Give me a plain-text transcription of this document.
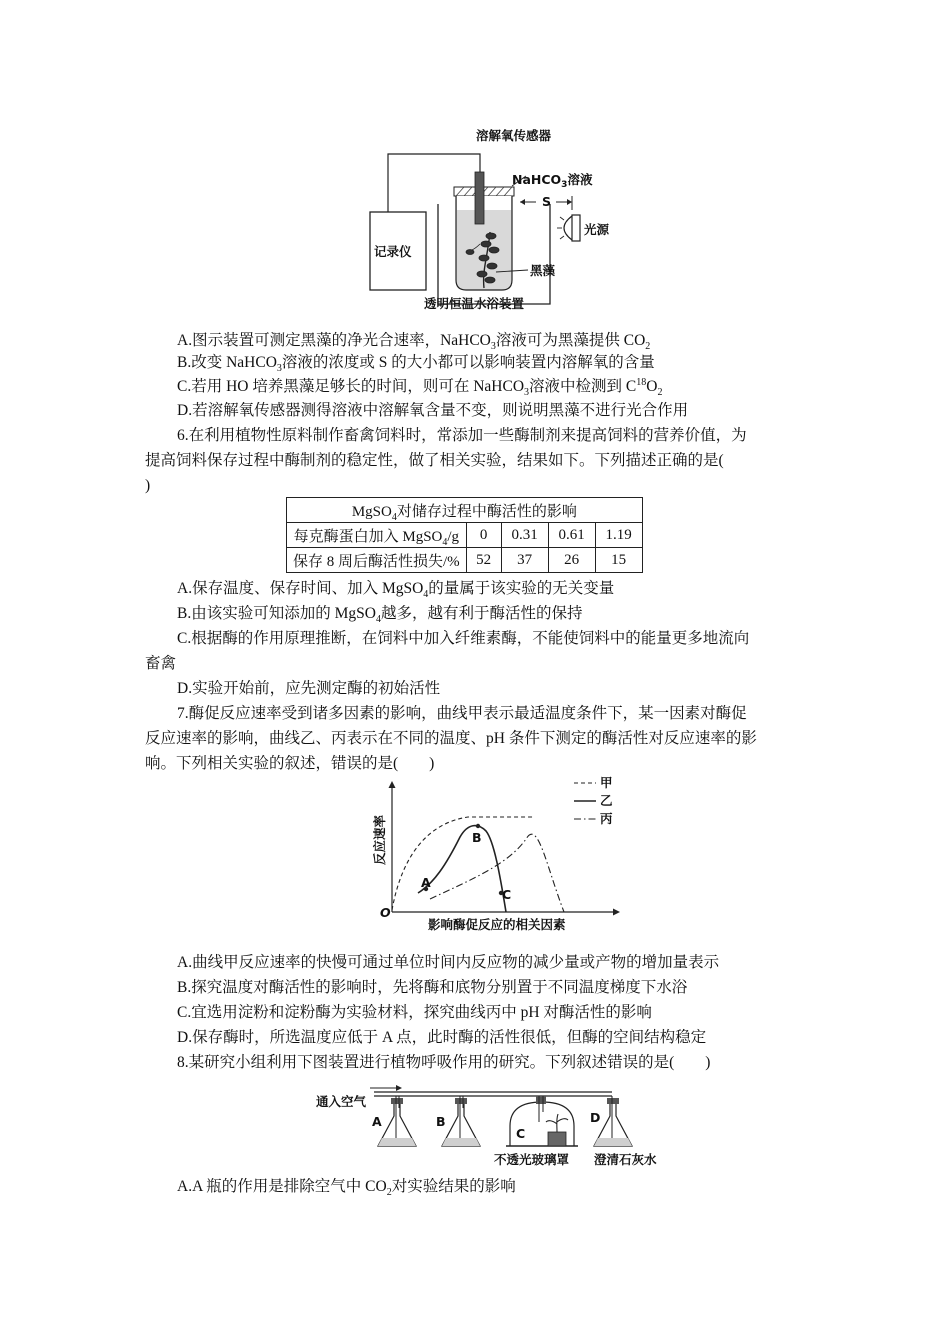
溶解氧传感器
NaHCO$_3$溶液
S
光源
记录仪
黑藻
透明恒温水浴装置
A.图示装置可测定黑藻的净光合速率，NaHCO$_3$溶液可为黑藻提供 $CO_2$
B.改变 NaHCO$_3$溶液的浓度或 S 的大小都可以影响装置内溶解氧的含量
C.若用 HO 培养黑藻足够长的时间，则可在 NaHCO$_3$溶液中检测到 $C^{18}O_2$
D.若溶解氧传感器测得溶液中溶解氧含量不变，则说明黑藻不进行光合作用
6.在利用植物性原料制作畜禽饲料时，常添加一些酶制剂来提高饲料的营养价值，为
提高饲料保存过程中酶制剂的稳定性，做了相关实验，结果如下。下列描述正确的是(
)
MgSO$_4$对储存过程中酶活性的影响				
每克酶蛋白加入 MgSO$_4$/g	0	0.31	0.61	1.19
保存 8 周后酶活性损失/%	52	37	26	15
A.保存温度、保存时间、加入 MgSO$_4$的量属于该实验的无关变量
B.由该实验可知添加的 MgSO$_4$越多，越有利于酶活性的保持
C.根据酶的作用原理推断，在饲料中加入纤维素酶，不能使饲料中的能量更多地流向
畜禽
D.实验开始前，应先测定酶的初始活性
7.酶促反应速率受到诸多因素的影响，曲线甲表示最适温度条件下，某一因素对酶促
反应速率的影响，曲线乙、丙表示在不同的温度、pH 条件下测定的酶活性对反应速率的影
响。下列相关实验的叙述，错误的是(　　)
A
B
C
O
影响酶促反应的相关因素
反应速率
甲
乙
丙
A.曲线甲反应速率的快慢可通过单位时间内反应物的减少量或产物的增加量表示
B.探究温度对酶活性的影响时，先将酶和底物分别置于不同温度梯度下水浴
C.宜选用淀粉和淀粉酶为实验材料，探究曲线丙中 pH 对酶活性的影响
D.保存酶时，所选温度应低于 A 点，此时酶的活性很低，但酶的空间结构稳定
8.某研究小组利用下图装置进行植物呼吸作用的研究。下列叙述错误的是(　　)
通入空气
A	B
C
D
不透光玻璃罩 澄清石灰水
A.A 瓶的作用是排除空气中 $CO_2$对实验结果的影响
